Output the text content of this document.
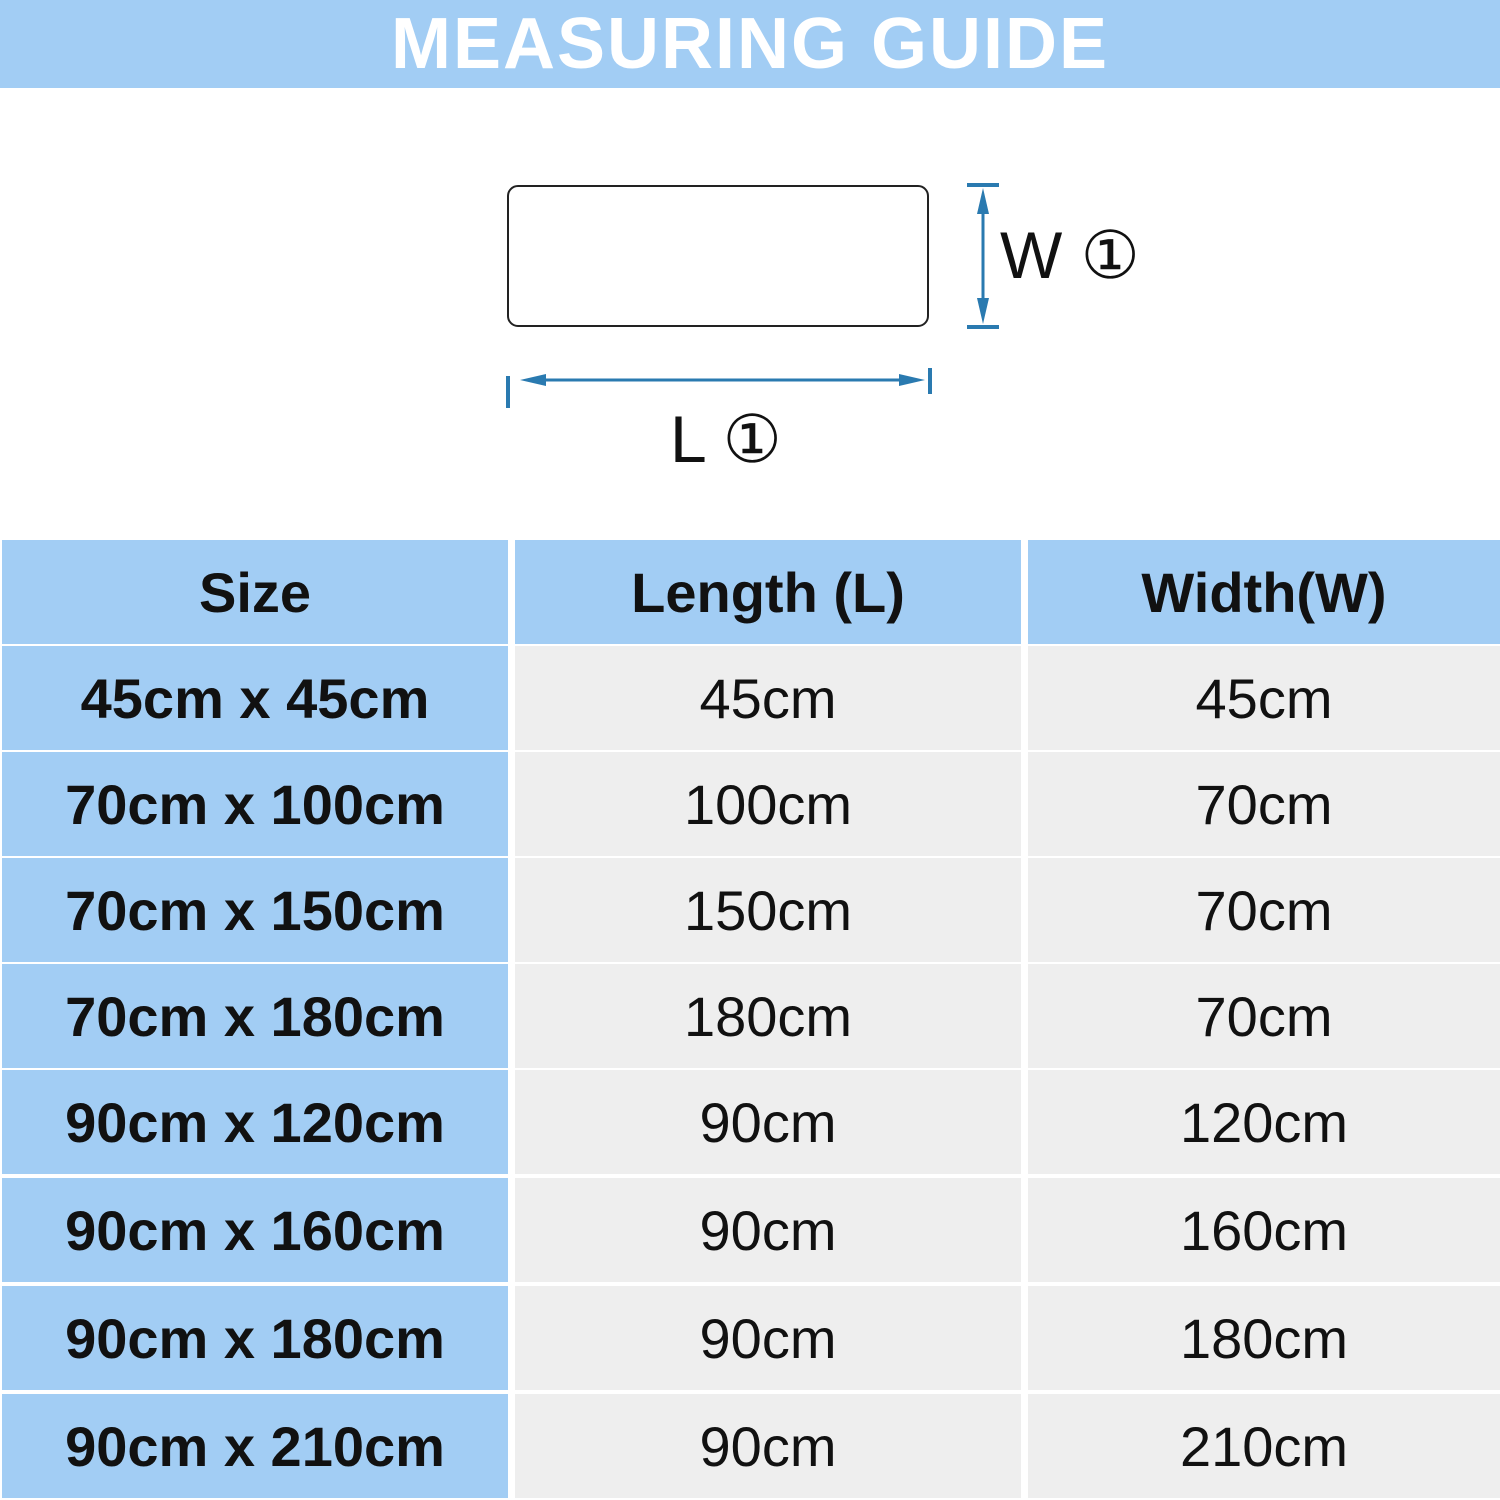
MEASURING GUIDE
W ①
L ①
Size	Length (L)	Width(W)
45cm x 45cm	45cm	45cm
70cm x 100cm	100cm	70cm
70cm x 150cm	150cm	70cm
70cm x 180cm	180cm	70cm
90cm x 120cm	90cm	120cm
90cm x 160cm	90cm	160cm
90cm x 180cm	90cm	180cm
90cm x 210cm	90cm	210cm
